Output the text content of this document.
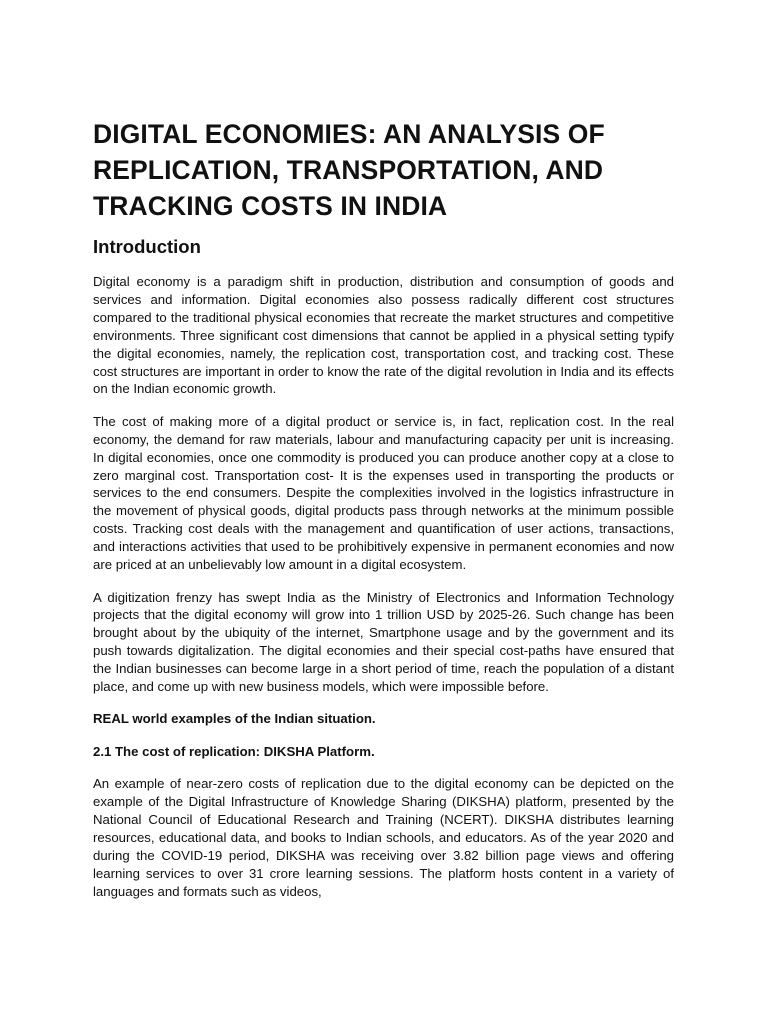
DIGITAL ECONOMIES: AN ANALYSIS OF REPLICATION, TRANSPORTATION, AND TRACKING COSTS IN INDIA
Introduction

Digital economy is a paradigm shift in production, distribution and consumption of goods and services and information. Digital economies also possess radically different cost structures compared to the traditional physical economies that recreate the market structures and competitive environments. Three significant cost dimensions that cannot be applied in a physical setting typify the digital economies, namely, the replication cost, transportation cost, and tracking cost. These cost structures are important in order to know the rate of the digital revolution in India and its effects on the Indian economic growth.

The cost of making more of a digital product or service is, in fact, replication cost. In the real economy, the demand for raw materials, labour and manufacturing capacity per unit is increasing. In digital economies, once one commodity is produced you can produce another copy at a close to zero marginal cost. Transportation cost- It is the expenses used in transporting the products or services to the end consumers. Despite the complexities involved in the logistics infrastructure in the movement of physical goods, digital products pass through networks at the minimum possible costs. Tracking cost deals with the management and quantification of user actions, transactions, and interactions activities that used to be prohibitively expensive in permanent economies and now are priced at an unbelievably low amount in a digital ecosystem.

A digitization frenzy has swept India as the Ministry of Electronics and Information Technology projects that the digital economy will grow into 1 trillion USD by 2025-26. Such change has been brought about by the ubiquity of the internet, Smartphone usage and by the government and its push towards digitalization. The digital economies and their special cost-paths have ensured that the Indian businesses can become large in a short period of time, reach the population of a distant place, and come up with new business models, which were impossible before.

REAL world examples of the Indian situation.

2.1 The cost of replication: DIKSHA Platform.

An example of near-zero costs of replication due to the digital economy can be depicted on the example of the Digital Infrastructure of Knowledge Sharing (DIKSHA) platform, presented by the National Council of Educational Research and Training (NCERT). DIKSHA distributes learning resources, educational data, and books to Indian schools, and educators. As of the year 2020 and during the COVID-19 period, DIKSHA was receiving over 3.82 billion page views and offering learning services to over 31 crore learning sessions. The platform hosts content in a variety of languages and formats such as videos,
